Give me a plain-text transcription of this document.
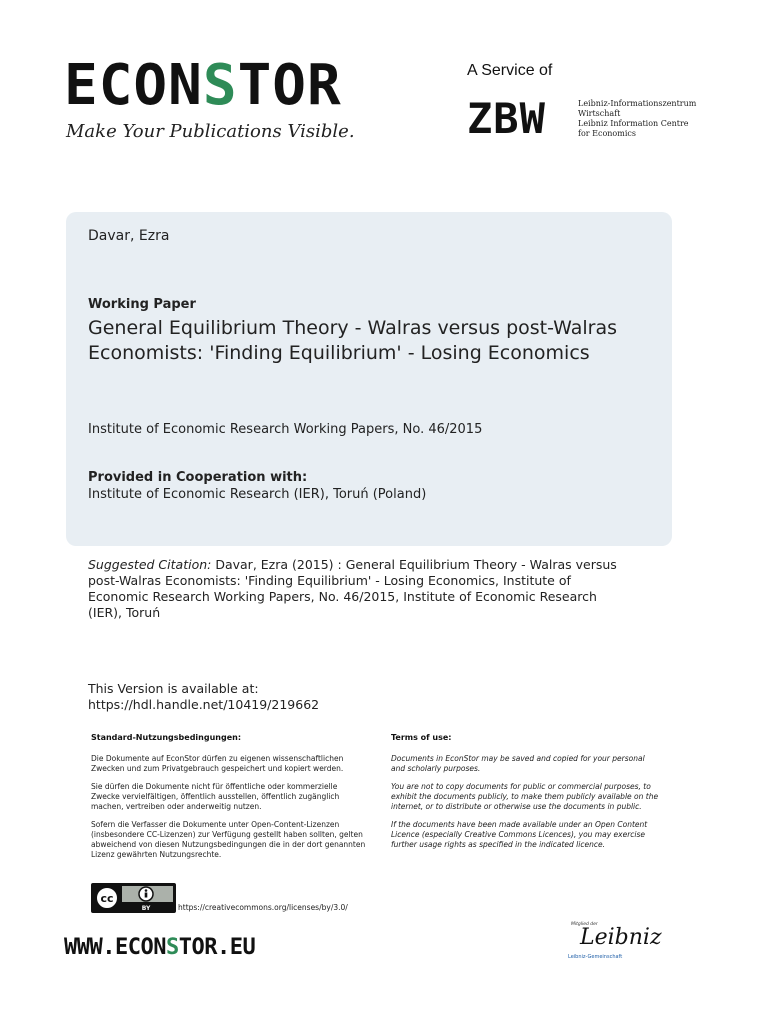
ECONSTOR
Make Your Publications Visible.
A Service of
ZBW	Leibniz-Informationszentrum
Wirtschaft
Leibniz Information Centre
for Economics
Davar, Ezra
Working Paper
General Equilibrium Theory - Walras versus post-Walras Economists: 'Finding Equilibrium' - Losing Economics
Institute of Economic Research Working Papers, No. 46/2015
Provided in Cooperation with:
Institute of Economic Research (IER), Toruń (Poland)
Suggested Citation: Davar, Ezra (2015) : General Equilibrium Theory - Walras versus post-Walras Economists: 'Finding Equilibrium' - Losing Economics, Institute of Economic Research Working Papers, No. 46/2015, Institute of Economic Research (IER), Toruń
This Version is available at:
https://hdl.handle.net/10419/219662
Standard-Nutzungsbedingungen:

Die Dokumente auf EconStor dürfen zu eigenen wissenschaftlichen Zwecken und zum Privatgebrauch gespeichert und kopiert werden.

Sie dürfen die Dokumente nicht für öffentliche oder kommerzielle Zwecke vervielfältigen, öffentlich ausstellen, öffentlich zugänglich machen, vertreiben oder anderweitig nutzen.

Sofern die Verfasser die Dokumente unter Open-Content-Lizenzen (insbesondere CC-Lizenzen) zur Verfügung gestellt haben sollten, gelten abweichend von diesen Nutzungsbedingungen die in der dort genannten Lizenz gewährten Nutzungsrechte.

Terms of use:

Documents in EconStor may be saved and copied for your personal and scholarly purposes.

You are not to copy documents for public or commercial purposes, to exhibit the documents publicly, to make them publicly available on the internet, or to distribute or otherwise use the documents in public.

If the documents have been made available under an Open Content Licence (especially Creative Commons Licences), you may exercise further usage rights as specified in the indicated licence.

cc
BY	https://creativecommons.org/licenses/by/3.0/
WWW.ECONSTOR.EU
Mitglied der
Leibniz
Leibniz-Gemeinschaft
